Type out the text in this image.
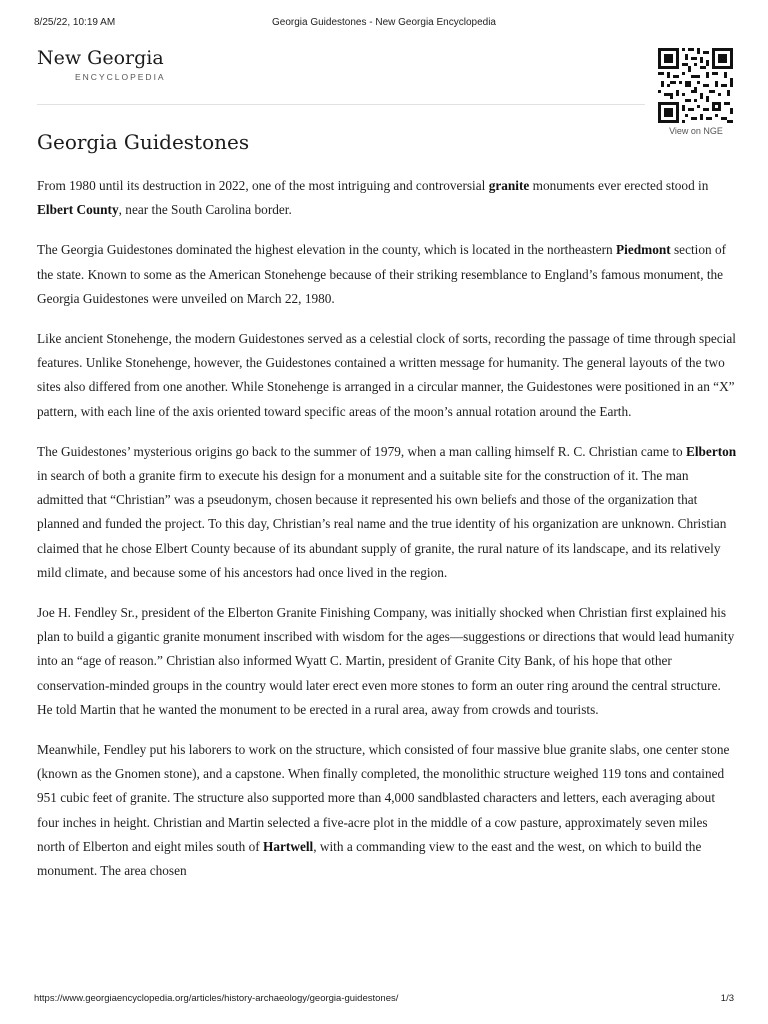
8/25/22, 10:19 AM	Georgia Guidestones - New Georgia Encyclopedia
New Georgia
ENCYCLOPEDIA
View on NGE
Georgia Guidestones

From 1980 until its destruction in 2022, one of the most intriguing and controversial granite monuments ever erected stood in Elbert County, near the South Carolina border.

The Georgia Guidestones dominated the highest elevation in the county, which is located in the northeastern Piedmont section of the state. Known to some as the American Stonehenge because of their striking resemblance to England’s famous monument, the Georgia Guidestones were unveiled on March 22, 1980.

Like ancient Stonehenge, the modern Guidestones served as a celestial clock of sorts, recording the passage of time through special features. Unlike Stonehenge, however, the Guidestones contained a written message for humanity. The general layouts of the two sites also differed from one another. While Stonehenge is arranged in a circular manner, the Guidestones were positioned in an “X” pattern, with each line of the axis oriented toward specific areas of the moon’s annual rotation around the Earth.

The Guidestones’ mysterious origins go back to the summer of 1979, when a man calling himself R. C. Christian came to Elberton in search of both a granite firm to execute his design for a monument and a suitable site for the construction of it. The man admitted that “Christian” was a pseudonym, chosen because it represented his own beliefs and those of the organization that planned and funded the project. To this day, Christian’s real name and the true identity of his organization are unknown. Christian claimed that he chose Elbert County because of its abundant supply of granite, the rural nature of its landscape, and its relatively mild climate, and because some of his ancestors had once lived in the region.

Joe H. Fendley Sr., president of the Elberton Granite Finishing Company, was initially shocked when Christian first explained his plan to build a gigantic granite monument inscribed with wisdom for the ages—suggestions or directions that would lead humanity into an “age of reason.” Christian also informed Wyatt C. Martin, president of Granite City Bank, of his hope that other conservation-minded groups in the country would later erect even more stones to form an outer ring around the central structure. He told Martin that he wanted the monument to be erected in a rural area, away from crowds and tourists.

Meanwhile, Fendley put his laborers to work on the structure, which consisted of four massive blue granite slabs, one center stone (known as the Gnomen stone), and a capstone. When finally completed, the monolithic structure weighed 119 tons and contained 951 cubic feet of granite. The structure also supported more than 4,000 sandblasted characters and letters, each averaging about four inches in height. Christian and Martin selected a five-acre plot in the middle of a cow pasture, approximately seven miles north of Elberton and eight miles south of Hartwell, with a commanding view to the east and the west, on which to build the monument. The area chosen

https://www.georgiaencyclopedia.org/articles/history-archaeology/georgia-guidestones/	1/3
